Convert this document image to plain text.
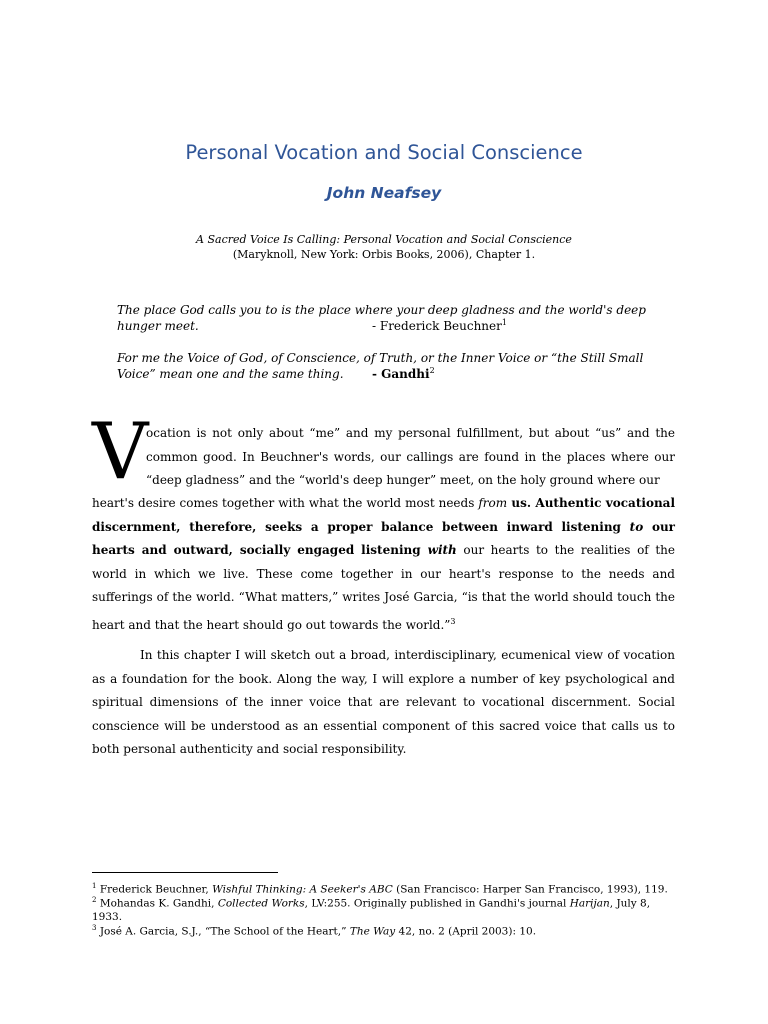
Personal Vocation and Social Conscience
John Neafsey
A Sacred Voice Is Calling: Personal Vocation and Social Conscience
(Maryknoll, New York: Orbis Books, 2006), Chapter 1.
The place God calls you to is the place where your deep gladness and the world's deep hunger meet.	- Frederick Beuchner$^1$
For me the Voice of God, of Conscience, of Truth, or the Inner Voice or “the Still Small Voice” mean one and the same thing. - Gandhi$^2$
V
ocation is not only about “me” and my personal fulfillment, but about “us” and the common good. In Beuchner's words, our callings are found in the places where our “deep gladness” and the “world's deep hunger” meet, on the holy ground where our
heart's desire comes together with what the world most needs from us. Authentic vocational discernment, therefore, seeks a proper balance between inward listening to our hearts and outward, socially engaged listening with our hearts to the realities of the world in which we live. These come together in our heart's response to the needs and sufferings of the world. “What matters,” writes José Garcia, “is that the world should touch the heart and that the heart should go out towards the world.”$^3$
In this chapter I will sketch out a broad, interdisciplinary, ecumenical view of vocation as a foundation for the book. Along the way, I will explore a number of key psychological and spiritual dimensions of the inner voice that are relevant to vocational discernment. Social conscience will be understood as an essential component of this sacred voice that calls us to both personal authenticity and social responsibility.
$^1$ Frederick Beuchner, Wishful Thinking: A Seeker's ABC (San Francisco: Harper San Francisco, 1993), 119.
$^2$ Mohandas K. Gandhi, Collected Works, LV:255. Originally published in Gandhi's journal Harijan, July 8, 1933.
$^3$ José A. Garcia, S.J., “The School of the Heart,” The Way 42, no. 2 (April 2003): 10.
